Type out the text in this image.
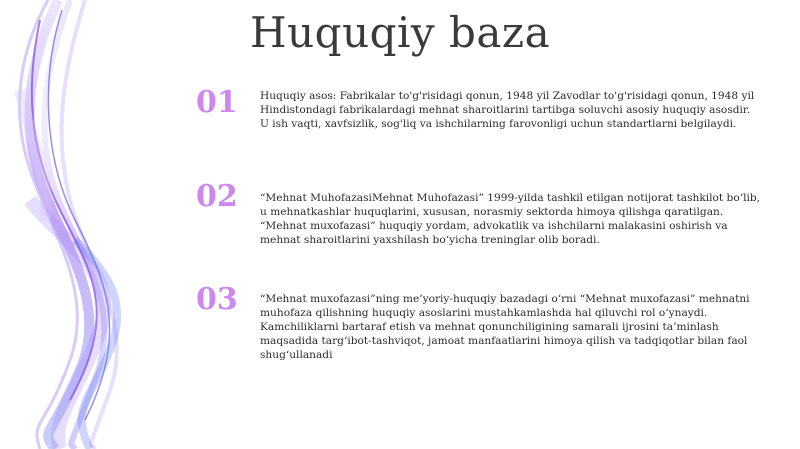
Huquqiy baza
01	Huquqiy asos: Fabrikalar to'g'risidagi qonun, 1948 yil Zavodlar to'g'risidagi qonun, 1948 yil Hindistondagi fabrikalardagi mehnat sharoitlarini tartibga soluvchi asosiy huquqiy asosdir. U ish vaqti, xavfsizlik, sog'liq va ishchilarning farovonligi uchun standartlarni belgilaydi.

02	“Mehnat MuhofazasiMehnat Muhofazasi” 1999-yilda tashkil etilgan notijorat tashkilot bo‘lib, u mehnatkashlar huquqlarini, xususan, norasmiy sektorda himoya qilishga qaratilgan. “Mehnat muxofazasi” huquqiy yordam, advokatlik va ishchilarni malakasini oshirish va mehnat sharoitlarini yaxshilash bo‘yicha treninglar olib boradi.

03	“Mehnat muxofazasi”ning me’yoriy-huquqiy bazadagi o‘rni “Mehnat muxofazasi” mehnatni muhofaza qilishning huquqiy asoslarini mustahkamlashda hal qiluvchi rol o‘ynaydi. Kamchiliklarni bartaraf etish va mehnat qonunchiligining samarali ijrosini ta’minlash maqsadida targ‘ibot-tashviqot, jamoat manfaatlarini himoya qilish va tadqiqotlar bilan faol shug‘ullanadi
